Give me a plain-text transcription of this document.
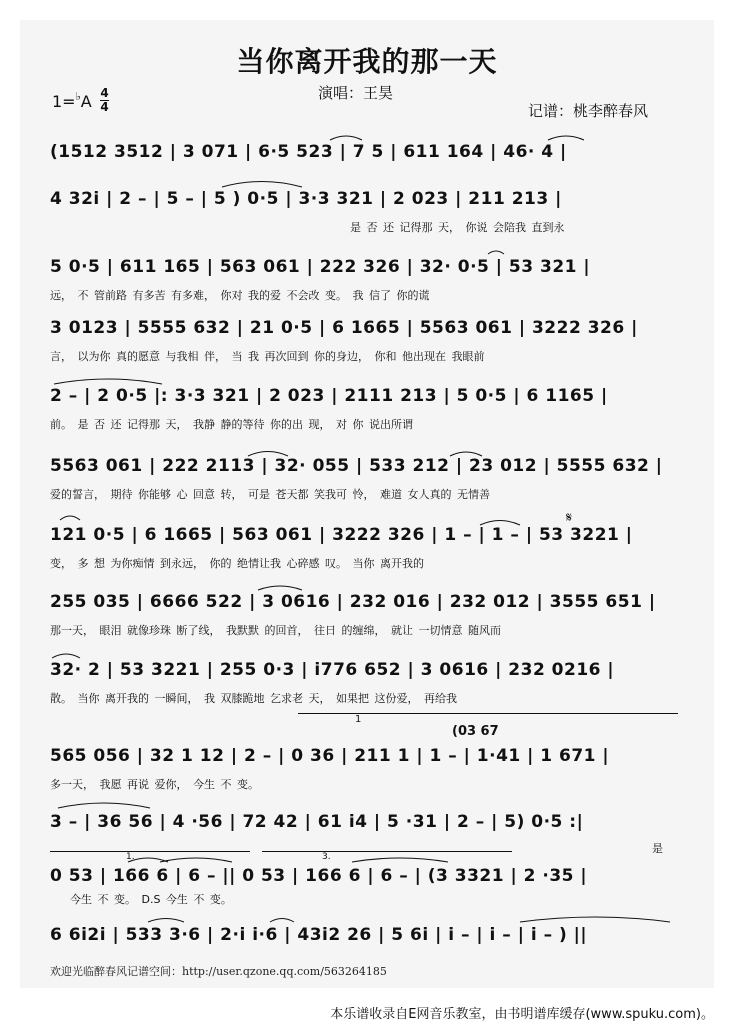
当你离开我的那一天
演唱：王昊
1=♭A 4
4	记谱：桃李醉春风
(1512 3512 | 3 071 | 6·5 523 | 7 5 | 611 164 | 46· 4 |
4 32i | 2 – | 5 – | 5 ) 0·5 | 3·3 321 | 2 023 | 211 213 |
是 否 还 记得那 天， 你说 会陪我 直到永
5 0·5 | 611 165 | 563 061 | 222 326 | 32· 0·5 | 53 321 |
远， 不 管前路 有多苦 有多难， 你对 我的爱 不会改 变。 我 信了 你的谎
3 0123 | 5555 632 | 21 0·5 | 6 1665 | 5563 061 | 3222 326 |
言， 以为你 真的愿意 与我相 伴， 当 我 再次回到 你的身边， 你和 他出现在 我眼前
2 – | 2 0·5 |: 3·3 321 | 2 023 | 2111 213 | 5 0·5 | 6 1165 |
前。 是 否 还 记得那 天， 我静 静的等待 你的出 现， 对 你 说出所谓
5563 061 | 222 2113 | 32· 055 | 533 212 | 23 012 | 5555 632 |
爱的誓言， 期待 你能够 心 回意 转， 可是 苍天都 笑我可 怜， 难道 女人真的 无情善
121 0·5 | 6 1665 | 563 061 | 3222 326 | 1 – | 1 – | 53 3221 |
变， 多 想 为你痴情 到永远， 你的 绝情让我 心碎感 叹。 当你 离开我的
255 035 | 6666 522 | 3 0616 | 232 016 | 232 012 | 3555 651 |
那一天， 眼泪 就像珍珠 断了线， 我默默 的回首， 往日 的缠绵， 就让 一切情意 随风而
32· 2 | 53 3221 | 255 0·3 | i776 652 | 3 0616 | 232 0216 |
散。 当你 离开我的 一瞬间， 我 双膝跪地 乞求老 天， 如果把 这份爱， 再给我
565 056 | 32 1 12 | 2 – | 0 36 | 211 1 | 1 – | 1·41 | 1 671 |
多一天， 我愿 再说 爱你， 今生 不 变。
3 – | 36 56 | 4 ·56 | 72 42 | 61 i4 | 5 ·31 | 2 – | 5) 0·5 :|
是
0 53 | 166 6 | 6 – || 0 53 | 166 6 | 6 – | (3 3321 | 2 ·35 |
今生 不 变。 D.S 今生 不 变。
6 6i2i | 533 3·6 | 2·i i·6 | 43i2 26 | 5 6i | i – | i – | i – ) ||
1
(03 67
𝄋
1.	3.
欢迎光临醉春风记谱空间：http://user.qzone.qq.com/563264185
本乐谱收录自E网音乐教室，由书明谱库缓存(www.spuku.com)。
